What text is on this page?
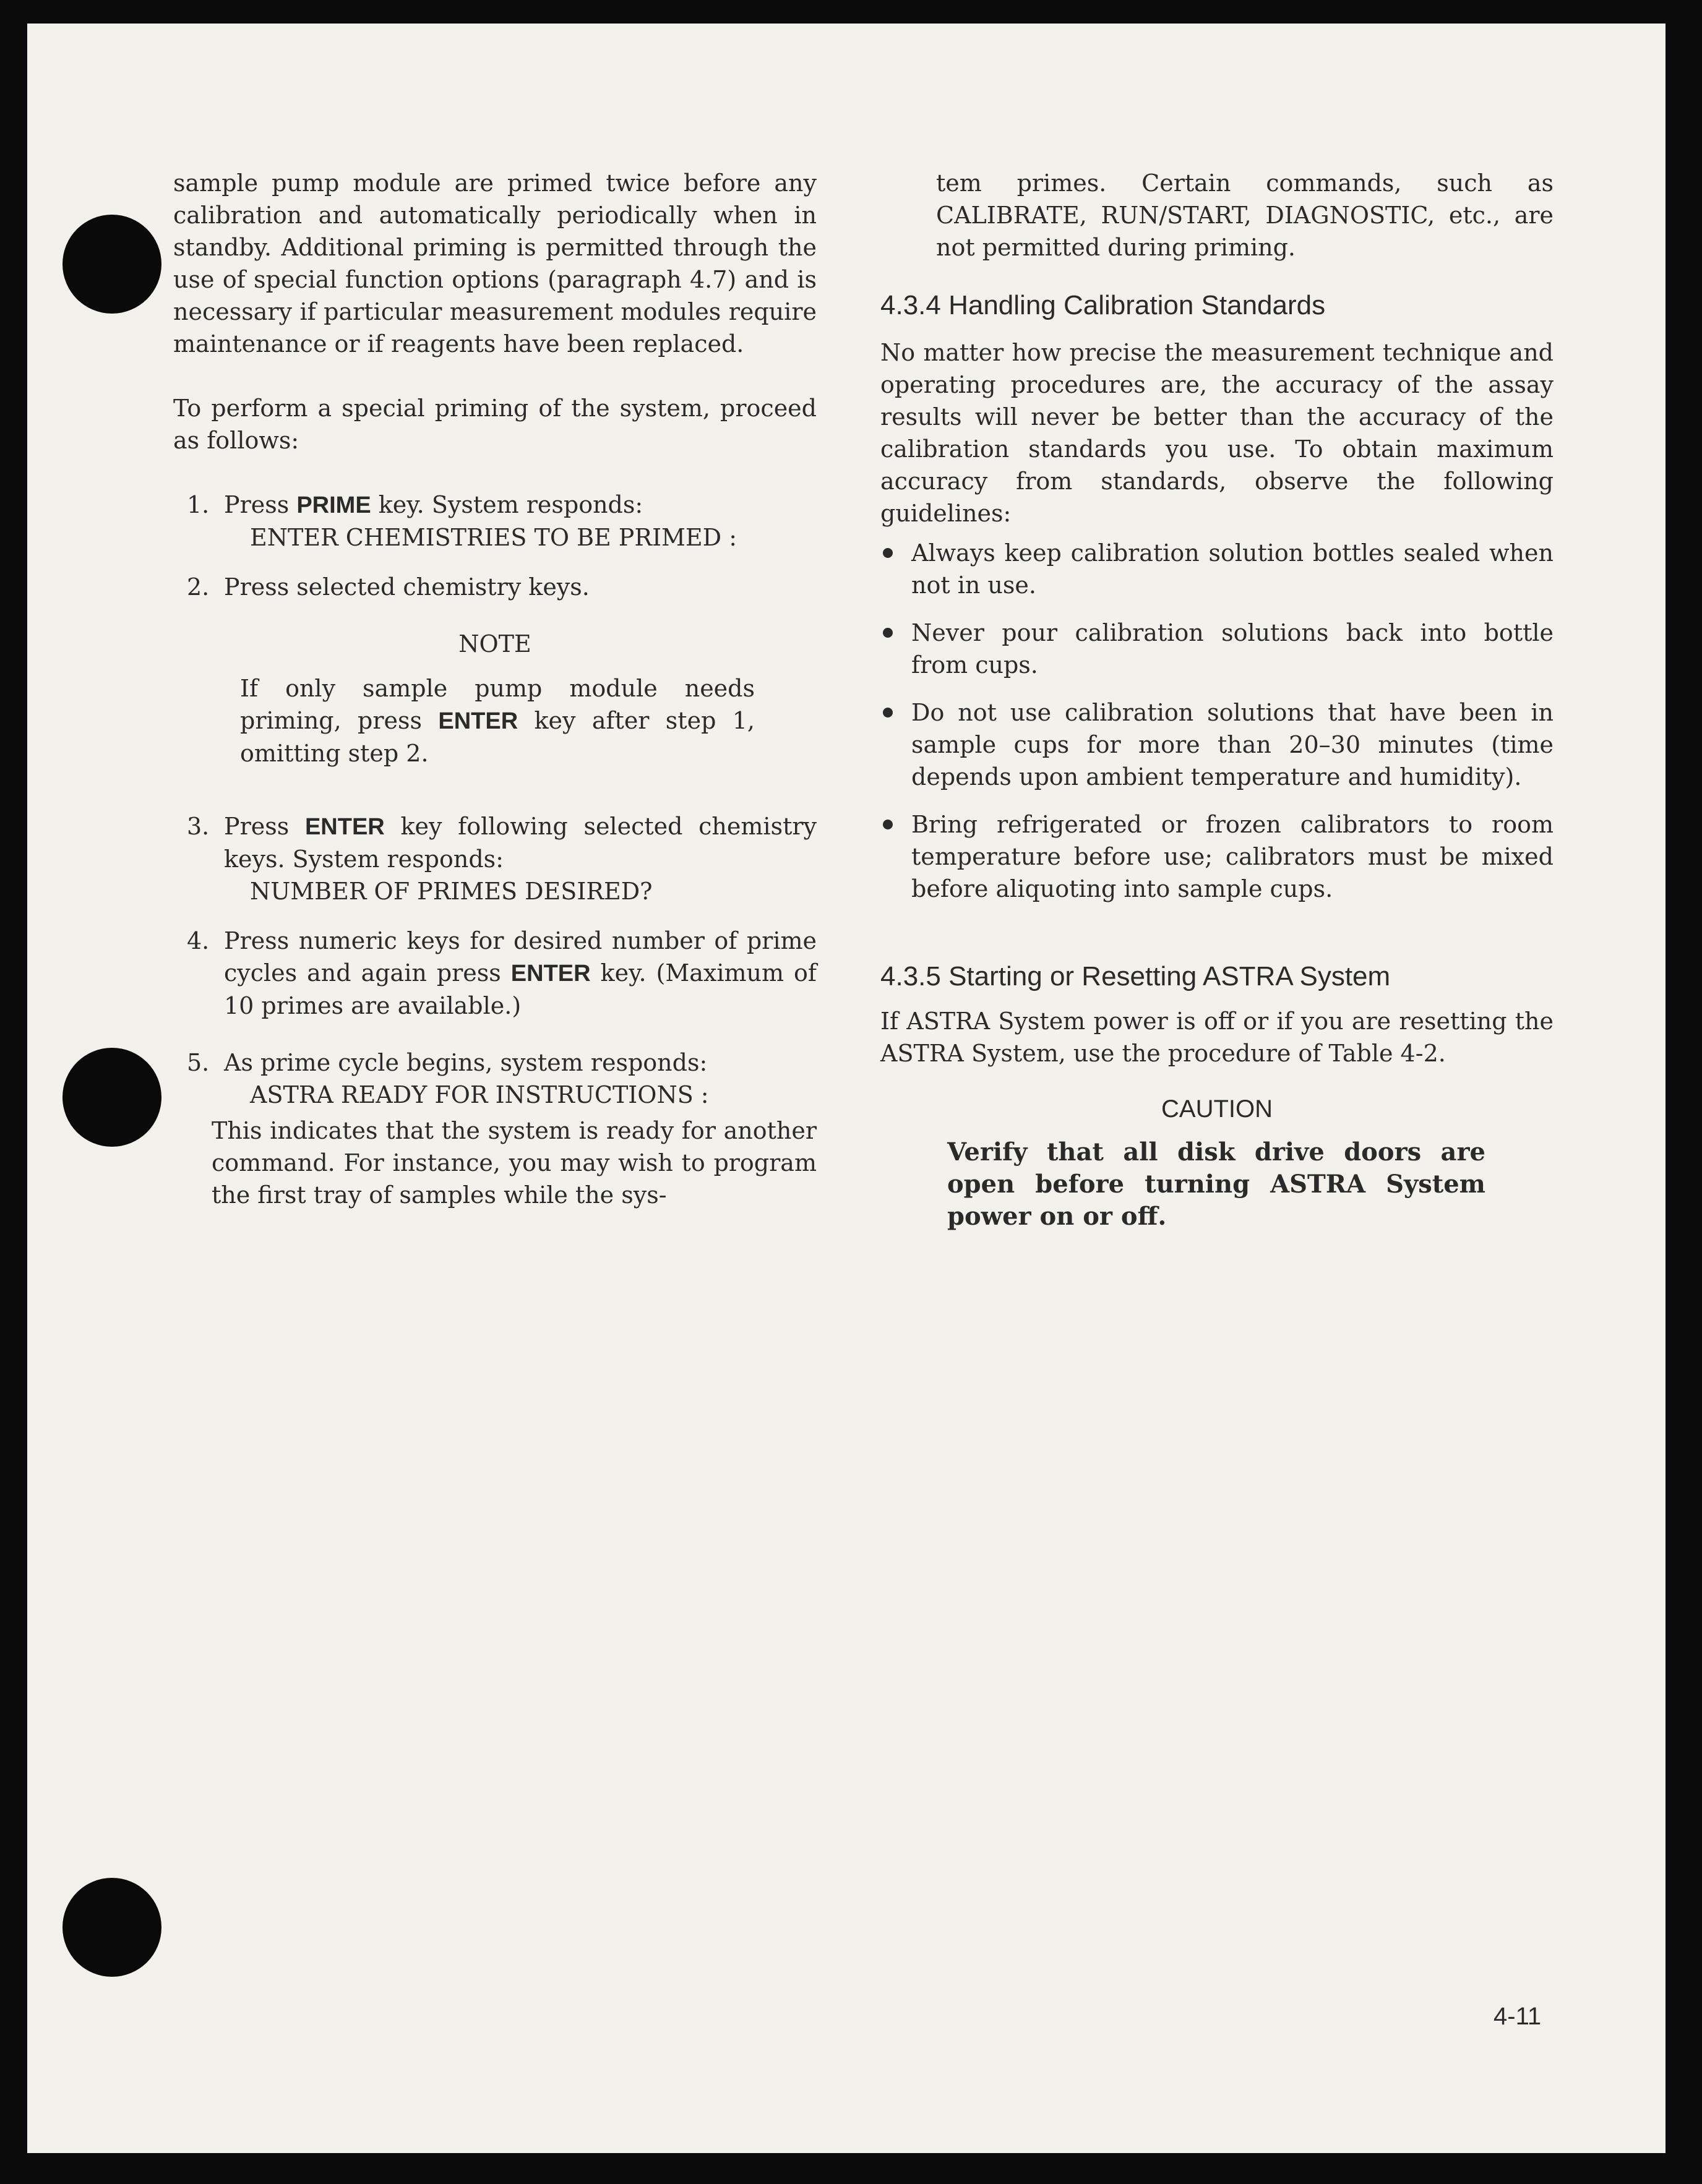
sample pump module are primed twice before any calibration and automatically periodically when in standby. Additional priming is permitted through the use of special function options (paragraph 4.7) and is necessary if particular measurement modules require maintenance or if reagents have been replaced.

To perform a special priming of the system, proceed as follows:

1. Press PRIME key. System responds:

ENTER CHEMISTRIES TO BE PRIMED :

2. Press selected chemistry keys.

NOTE

If only sample pump module needs priming, press ENTER key after step 1, omitting step 2.

3. Press ENTER key following selected chemistry keys. System responds:

NUMBER OF PRIMES DESIRED?

4. Press numeric keys for desired number of prime cycles and again press ENTER key. (Maximum of 10 primes are available.)

5. As prime cycle begins, system responds:

ASTRA READY FOR INSTRUCTIONS :

This indicates that the system is ready for another command. For instance, you may wish to program the first tray of samples while the sys-

tem primes. Certain commands, such as CALIBRATE, RUN/START, DIAGNOSTIC, etc., are not permitted during priming.

4.3.4 Handling Calibration Standards

No matter how precise the measurement technique and operating procedures are, the accuracy of the assay results will never be better than the accuracy of the calibration standards you use. To obtain maximum accuracy from standards, observe the following guidelines:

Always keep calibration solution bottles sealed when not in use.
Never pour calibration solutions back into bottle from cups.
Do not use calibration solutions that have been in sample cups for more than 20–30 minutes (time depends upon ambient temperature and humidity).
Bring refrigerated or frozen calibrators to room temperature before use; calibrators must be mixed before aliquoting into sample cups.
4.3.5 Starting or Resetting ASTRA System

If ASTRA System power is off or if you are resetting the ASTRA System, use the procedure of Table 4-2.

CAUTION

Verify that all disk drive doors are open before turning ASTRA System power on or off.

4-11
